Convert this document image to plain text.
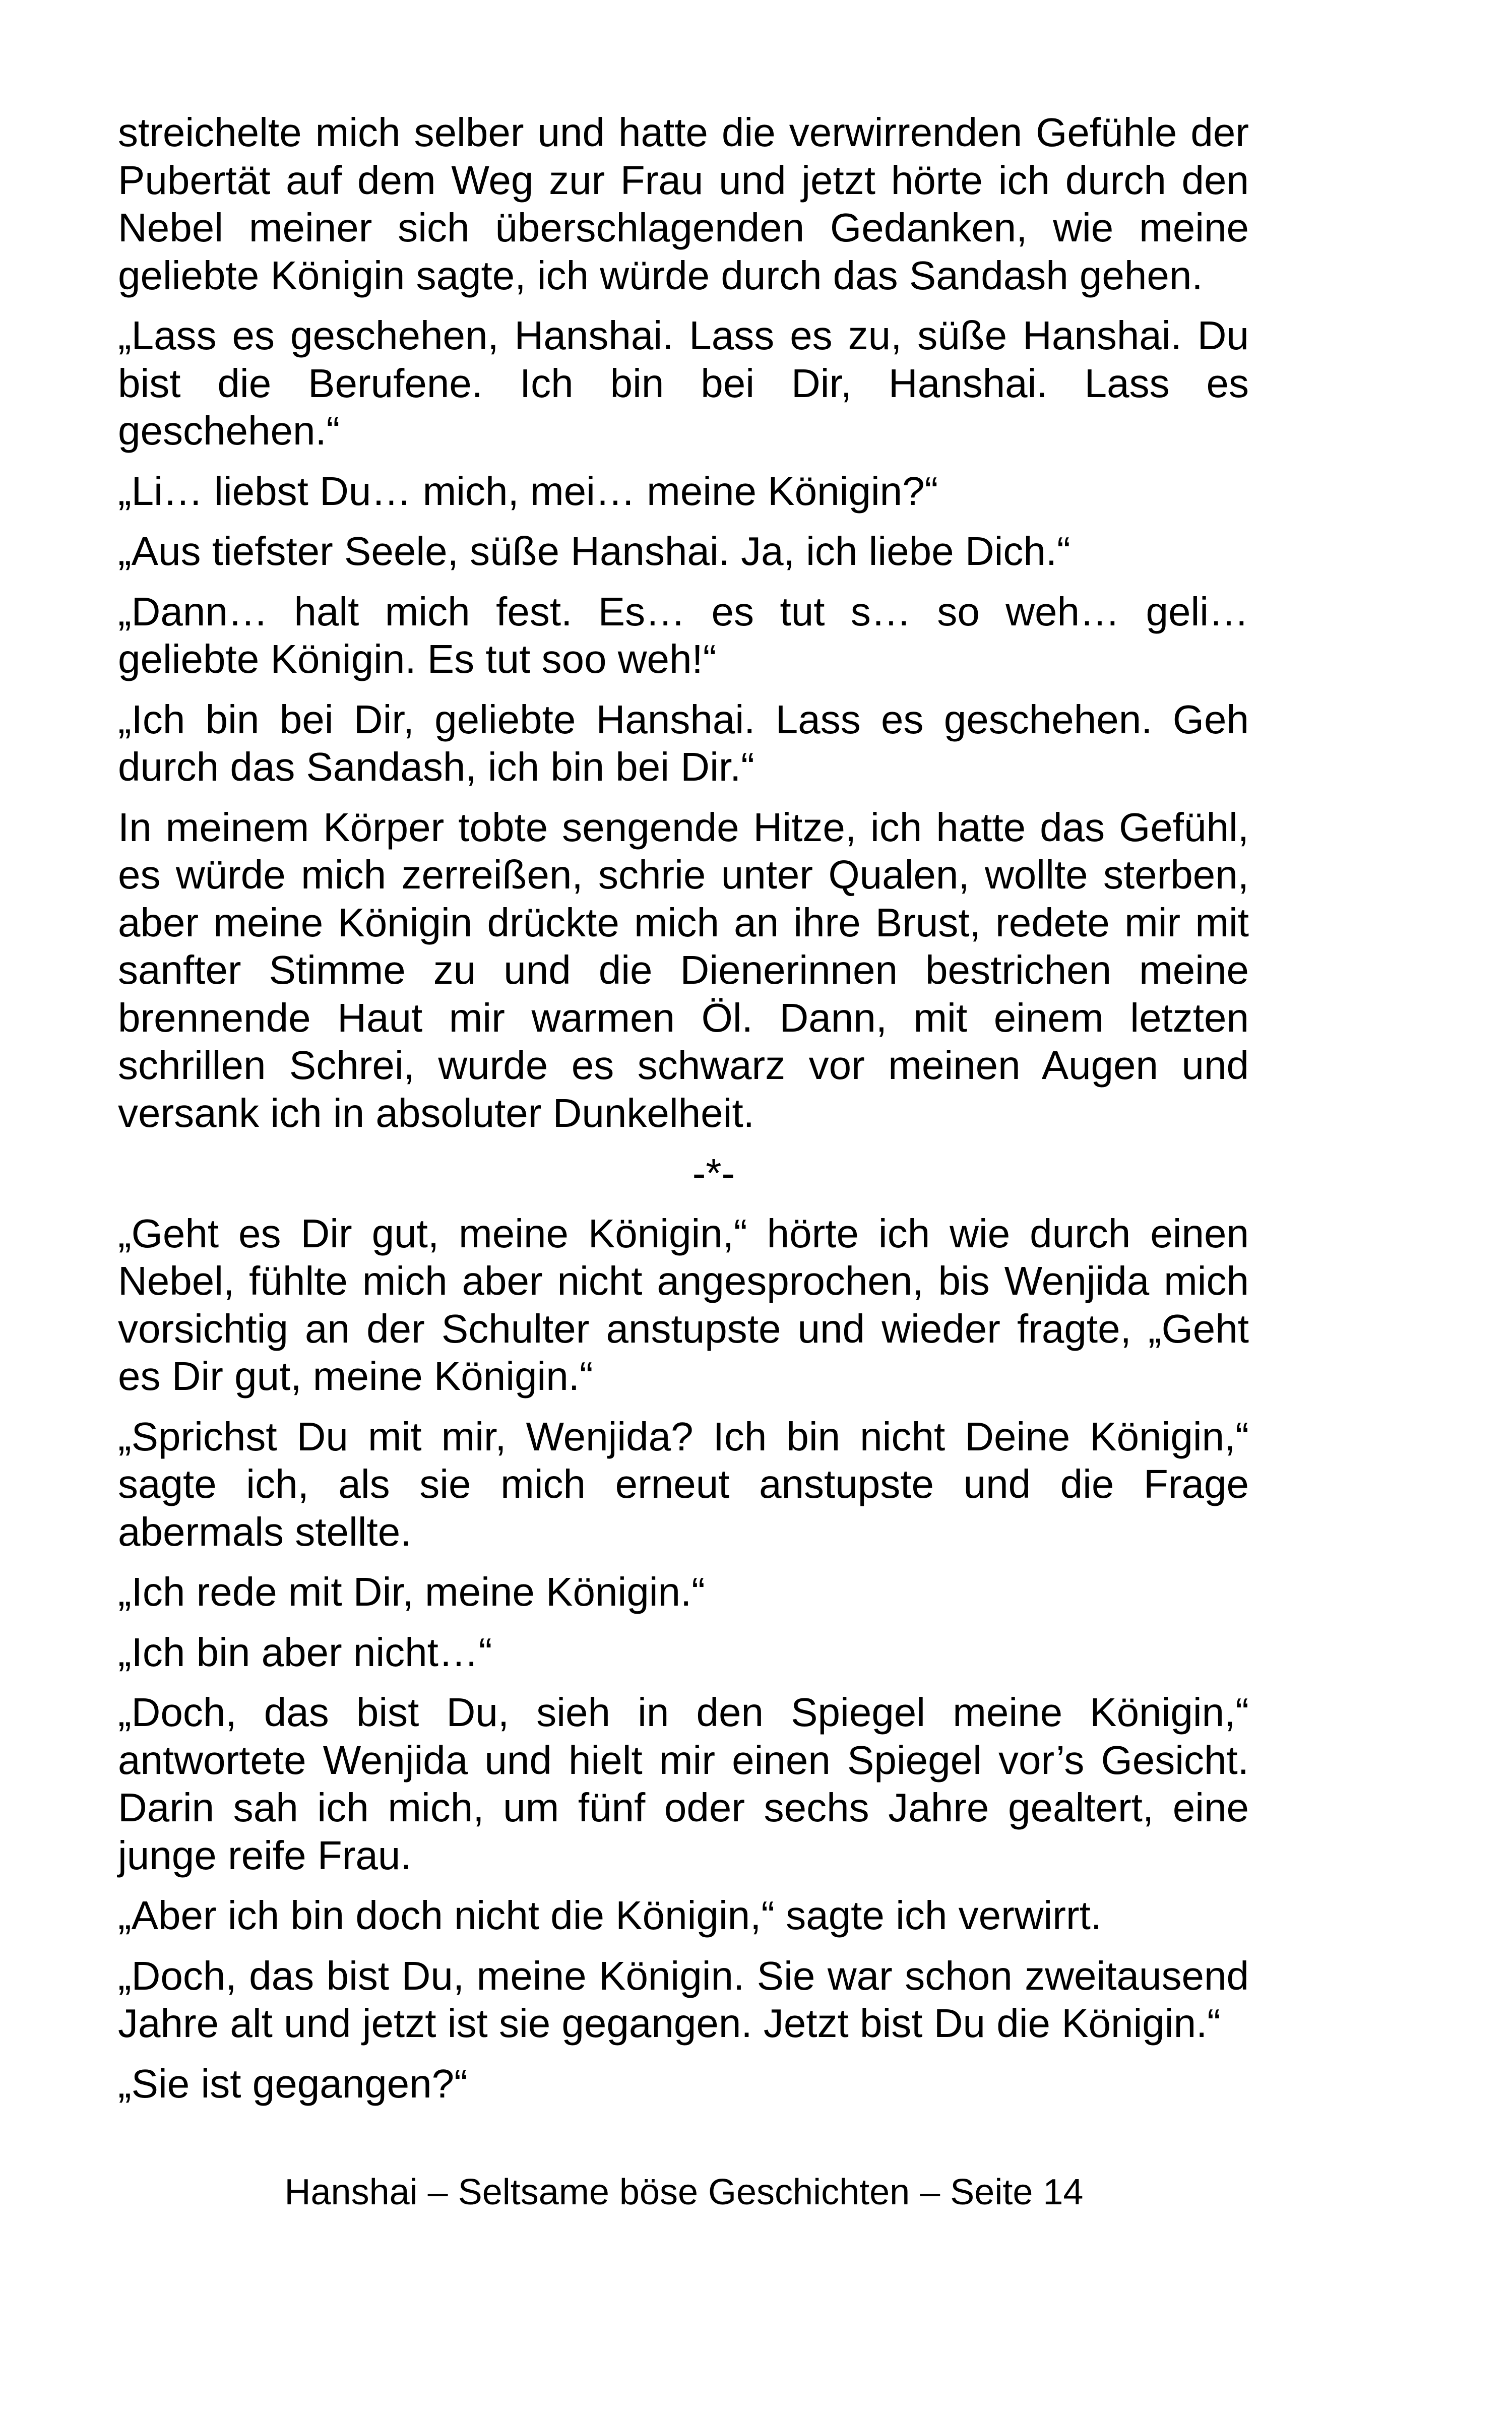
streichelte mich selber und hatte die verwirrenden Gefühle der Pubertät auf dem Weg zur Frau und jetzt hörte ich durch den Nebel meiner sich überschlagenden Gedanken, wie meine geliebte Königin sagte, ich würde durch das Sandash gehen.

„Lass es geschehen, Hanshai. Lass es zu, süße Hanshai. Du bist die Berufene. Ich bin bei Dir, Hanshai. Lass es geschehen.“

„Li… liebst Du… mich, mei… meine Königin?“

„Aus tiefster Seele, süße Hanshai. Ja, ich liebe Dich.“

„Dann… halt mich fest. Es… es tut s… so weh… geli… geliebte Königin. Es tut soo weh!“

„Ich bin bei Dir, geliebte Hanshai. Lass es geschehen. Geh durch das Sandash, ich bin bei Dir.“

In meinem Körper tobte sengende Hitze, ich hatte das Gefühl, es würde mich zerreißen, schrie unter Qualen, wollte sterben, aber meine Königin drückte mich an ihre Brust, redete mir mit sanfter Stimme zu und die Dienerinnen bestrichen meine brennende Haut mir warmen Öl. Dann, mit einem letzten schrillen Schrei, wurde es schwarz vor meinen Augen und versank ich in absoluter Dunkelheit.

-*-

„Geht es Dir gut, meine Königin,“ hörte ich wie durch einen Nebel, fühlte mich aber nicht angesprochen, bis Wenjida mich vorsichtig an der Schulter anstupste und wieder fragte, „Geht es Dir gut, meine Königin.“

„Sprichst Du mit mir, Wenjida? Ich bin nicht Deine Königin,“ sagte ich, als sie mich erneut anstupste und die Frage abermals stellte.

„Ich rede mit Dir, meine Königin.“

„Ich bin aber nicht…“

„Doch, das bist Du, sieh in den Spiegel meine Königin,“ antwortete Wenjida und hielt mir einen Spiegel vor’s Gesicht. Darin sah ich mich, um fünf oder sechs Jahre gealtert, eine junge reife Frau.

„Aber ich bin doch nicht die Königin,“ sagte ich verwirrt.

„Doch, das bist Du, meine Königin. Sie war schon zweitausend Jahre alt und jetzt ist sie gegangen. Jetzt bist Du die Königin.“

„Sie ist gegangen?“

Hanshai – Seltsame böse Geschichten – Seite 14
